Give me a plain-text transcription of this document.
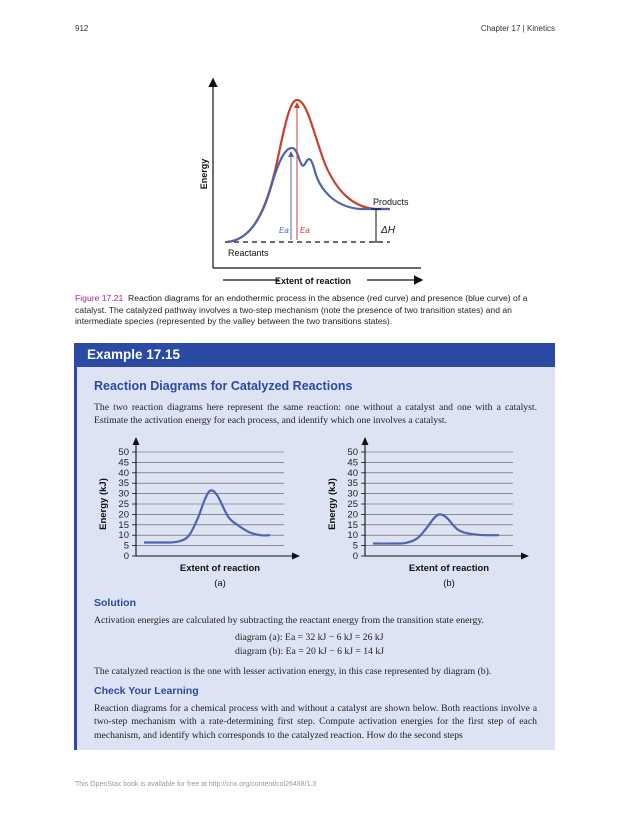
912	Chapter 17 | Kinetics
Energy
Extent of reaction
Products
Reactants
ΔH
Ea Ea
Figure 17.21 Reaction diagrams for an endothermic process in the absence (red curve) and presence (blue curve) of a catalyst. The catalyzed pathway involves a two-step mechanism (note the presence of two transition states) and an intermediate species (represented by the valley between the two transitions states).
Example 17.15
Reaction Diagrams for Catalyzed Reactions
The two reaction diagrams here represent the same reaction: one without a catalyst and one with a catalyst. Estimate the activation energy for each process, and identify which one involves a catalyst.
0
5
10
15
20
25
30
35
40
45
50
Energy (kJ)
Extent of reaction
(a)
0
5
10
15
20
25
30
35
40
45
50
Energy (kJ)
Extent of reaction
(b)
Solution
Activation energies are calculated by subtracting the reactant energy from the transition state energy.
diagram (a): Ea = 32 kJ − 6 kJ = 26 kJ
diagram (b): Ea = 20 kJ − 6 kJ = 14 kJ
The catalyzed reaction is the one with lesser activation energy, in this case represented by diagram (b).
Check Your Learning
Reaction diagrams for a chemical process with and without a catalyst are shown below. Both reactions involve a two-step mechanism with a rate-determining first step. Compute activation energies for the first step of each mechanism, and identify which corresponds to the catalyzed reaction. How do the second steps
This OpenStax book is available for free at http://cnx.org/content/col26488/1.3
